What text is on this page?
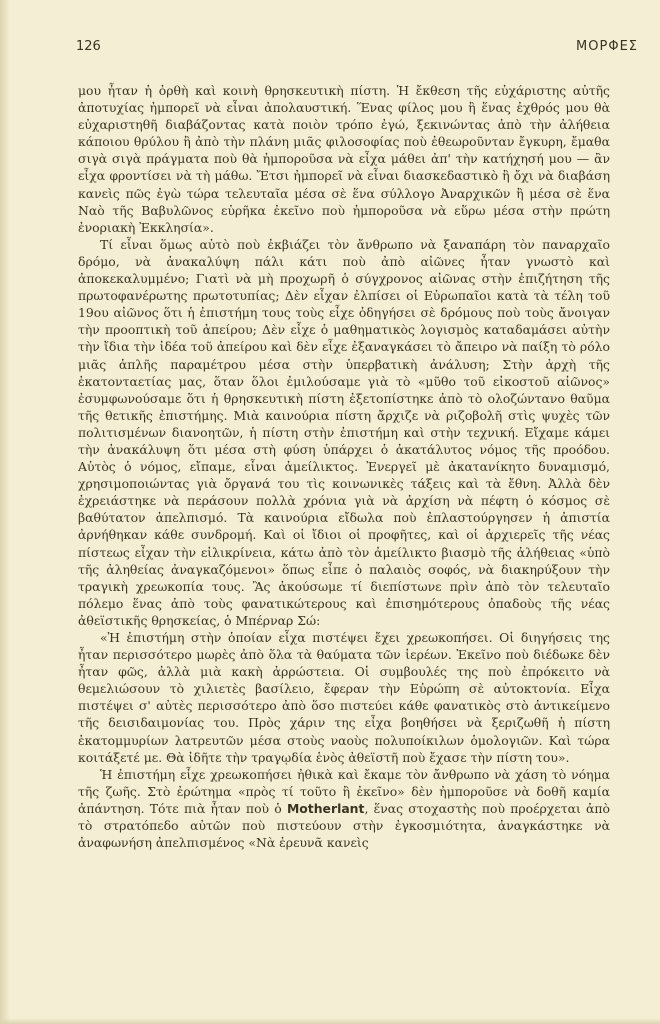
126	ΜΟΡΦΕΣ

μου ἦταν ἡ ὀρθὴ καὶ κοινὴ θρησκευτικὴ πίστη. Ἡ ἔκθεση τῆς εὐχάριστης αὐτῆς ἀποτυχίας ἠμπορεῖ νὰ εἶναι ἀπολαυστική. Ἕνας φίλος μου ἢ ἕνας ἐχθρός μου θὰ εὐχαριστηθῆ διαβάζοντας κατὰ ποιὸν τρόπο ἐγώ, ξεκινώντας ἀπὸ τὴν ἀλήθεια κάποιου θρύλου ἢ ἀπὸ τὴν πλάνη μιᾶς φιλοσοφίας ποὺ ἐθεωροῦνταν ἔγκυρη, ἔμαθα σιγὰ σιγὰ πράγματα ποὺ θὰ ἠμποροῦσα νὰ εἶχα μάθει ἀπ' τὴν κατήχησή μου — ἂν εἶχα φροντίσει νὰ τὴ μάθω. Ἔτσι ἠμπορεῖ νὰ εἶναι διασκεδαστικὸ ἢ ὄχι νὰ διαβάση κανεὶς πῶς ἐγὼ τώρα τελευταῖα μέσα σὲ ἕνα σύλλογο Ἀναρχικῶν ἢ μέσα σὲ ἕνα Ναὸ τῆς Βαβυλῶνος εὑρῆκα ἐκεῖνο ποὺ ἠμποροῦσα νὰ εὕρω μέσα στὴν πρώτη ἐνοριακὴ Ἐκκλησία».

Τί εἶναι ὅμως αὐτὸ ποὺ ἐκβιάζει τὸν ἄνθρωπο νὰ ξαναπάρη τὸν παναρχαῖο δρόμο, νὰ ἀνακαλύψη πάλι κάτι ποὺ ἀπὸ αἰῶνες ἦταν γνωστὸ καὶ ἀποκεκαλυμμένο; Γιατὶ νὰ μὴ προχωρῆ ὁ σύγχρονος αἰῶνας στὴν ἐπιζήτηση τῆς πρωτοφανέρωτης πρωτοτυπίας; Δὲν εἶχαν ἐλπίσει οἱ Εὐρωπαῖοι κατὰ τὰ τέλη τοῦ 19ου αἰῶνος ὅτι ἡ ἐπιστήμη τους τοὺς εἶχε ὁδηγήσει σὲ δρόμους ποὺ τοὺς ἄνοιγαν τὴν προοπτικὴ τοῦ ἀπείρου; Δὲν εἶχε ὁ μαθηματικὸς λογισμὸς καταδαμάσει αὐτὴν τὴν ἴδια τὴν ἰδέα τοῦ ἀπείρου καὶ δὲν εἶχε ἐξαναγκάσει τὸ ἄπειρο νὰ παίξη τὸ ρόλο μιᾶς ἁπλῆς παραμέτρου μέσα στὴν ὑπερβατικὴ ἀνάλυση; Στὴν ἀρχὴ τῆς ἑκατονταετίας μας, ὅταν ὅλοι ἐμιλούσαμε γιὰ τὸ «μῦθο τοῦ εἰκοστοῦ αἰῶνος» ἐσυμφωνούσαμε ὅτι ἡ θρησκευτικὴ πίστη ἐξετοπίστηκε ἀπὸ τὸ ολοζώντανο θαῦμα τῆς θετικῆς ἐπιστήμης. Μιὰ καινούρια πίστη ἄρχιζε νὰ ριζοβολῆ στὶς ψυχὲς τῶν πολιτισμένων διανοητῶν, ἡ πίστη στὴν ἐπιστήμη καὶ στὴν τεχνική. Εἴχαμε κάμει τὴν ἀνακάλυψη ὅτι μέσα στὴ φύση ὑπάρχει ὁ ἀκατάλυτος νόμος τῆς προόδου. Αὐτὸς ὁ νόμος, εἴπαμε, εἶναι ἀμείλικτος. Ἐνεργεῖ μὲ ἀκατανίκητο δυναμισμό, χρησιμοποιώντας γιὰ ὄργανά του τὶς κοινωνικὲς τάξεις καὶ τὰ ἔθνη. Ἀλλὰ δὲν ἐχρειάστηκε νὰ περάσουν πολλὰ χρόνια γιὰ νὰ ἀρχίση νὰ πέφτη ὁ κόσμος σὲ βαθύτατον ἀπελπισμό. Τὰ καινούρια εἴδωλα ποὺ ἐπλαστούργησεν ἡ ἀπιστία ἀρνήθηκαν κάθε συνδρομή. Καὶ οἱ ἴδιοι οἱ προφῆτες, καὶ οἱ ἀρχιερεῖς τῆς νέας πίστεως εἶχαν τὴν εἰλικρίνεια, κάτω ἀπὸ τὸν ἀμείλικτο βιασμὸ τῆς ἀλήθειας «ὑπὸ τῆς ἀληθείας ἀναγκαζόμενοι» ὅπως εἶπε ὁ παλαιὸς σοφός, νὰ διακηρύξουν τὴν τραγικὴ χρεωκοπία τους. Ἂς ἀκούσωμε τί διεπίστωνε πρὶν ἀπὸ τὸν τελευταῖο πόλεμο ἕνας ἀπὸ τοὺς φανατικώτερους καὶ ἐπισημότερους ὀπαδοὺς τῆς νέας ἀθεϊστικῆς θρησκείας, ὁ Μπέρναρ Σώ:

«Ἡ ἐπιστήμη στὴν ὁποίαν εἶχα πιστέψει ἔχει χρεωκοπήσει. Οἱ διηγήσεις της ἦταν περισσότερο μωρὲς ἀπὸ ὅλα τὰ θαύματα τῶν ἱερέων. Ἐκεῖνο ποὺ διέδωκε δὲν ἦταν φῶς, ἀλλὰ μιὰ κακὴ ἀρρώστεια. Οἱ συμβουλές της ποὺ ἐπρόκειτο νὰ θεμελιώσουν τὸ χιλιετὲς βασίλειο, ἔφεραν τὴν Εὐρώπη σὲ αὐτοκτονία. Εἶχα πιστέψει σ' αὐτὲς περισσότερο ἀπὸ ὅσο πιστεύει κάθε φανατικὸς στὸ ἀντικείμενο τῆς δεισιδαιμονίας του. Πρὸς χάριν της εἶχα βοηθήσει νὰ ξεριζωθῆ ἡ πίστη ἑκατομμυρίων λατρευτῶν μέσα στοὺς ναοὺς πολυποίκιλων ὁμολογιῶν. Καὶ τώρα κοιτάξετέ με. Θὰ ἰδῆτε τὴν τραγῳδία ἑνὸς ἀθεϊστῆ ποὺ ἔχασε τὴν πίστη του».

Ἡ ἐπιστήμη εἶχε χρεωκοπήσει ἠθικὰ καὶ ἔκαμε τὸν ἄνθρωπο νὰ χάση τὸ νόημα τῆς ζωῆς. Στὸ ἐρώτημα «πρὸς τί τοῦτο ἢ ἐκεῖνο» δὲν ἠμποροῦσε νὰ δοθῆ καμία ἀπάντηση. Τότε πιὰ ἦταν ποὺ ὁ Motherlant, ἕνας στοχαστὴς ποὺ προέρχεται ἀπὸ τὸ στρατόπεδο αὐτῶν ποὺ πιστεύουν στὴν ἐγκοσμιότητα, ἀναγκάστηκε νὰ ἀναφωνήση ἀπελπισμένος «Νὰ ἐρευνᾶ κανεὶς
